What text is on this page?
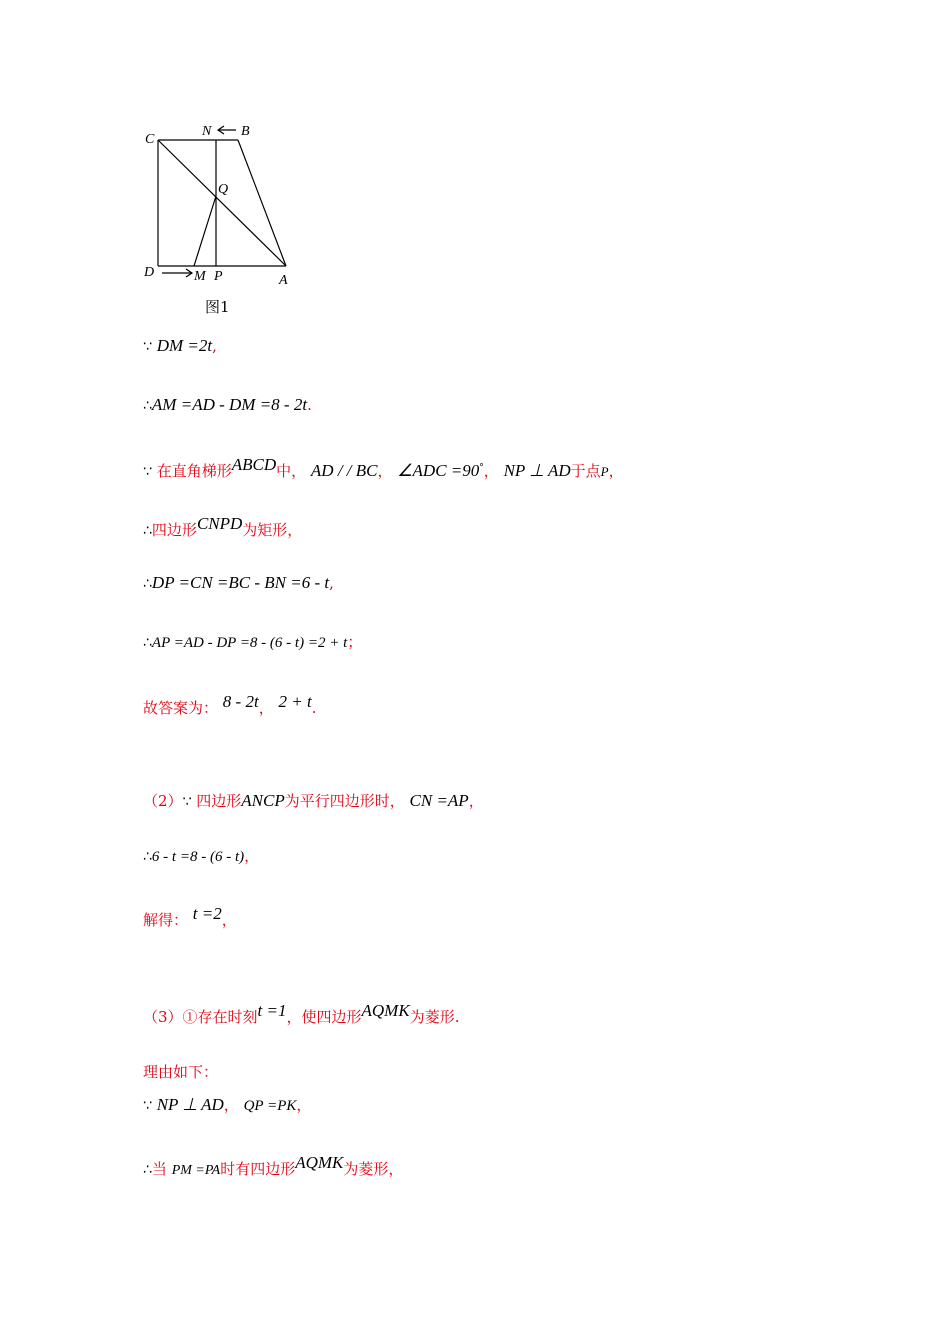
C
N B
Q
D	M P	A
图1
∵ DM =2t,
∴AM =AD - DM =8 - 2t.
∵ 在直角梯形ABCD中， AD / / BC， ∠ADC =90°， NP ⊥ AD于点P，
∴四边形CNPD为矩形，
∴DP =CN =BC - BN =6 - t,
∴AP =AD - DP =8 - (6 - t) =2 + t；
故答案为： 8 - 2t， 2 + t.
（2）∵ 四边形ANCP为平行四边形时， CN =AP，
∴6 - t =8 - (6 - t)，
解得： t =2，
（3）①存在时刻t =1，使四边形AQMK为菱形.
理由如下：
∵ NP ⊥ AD， QP =PK，
∴当 PM =PA时有四边形AQMK为菱形，
